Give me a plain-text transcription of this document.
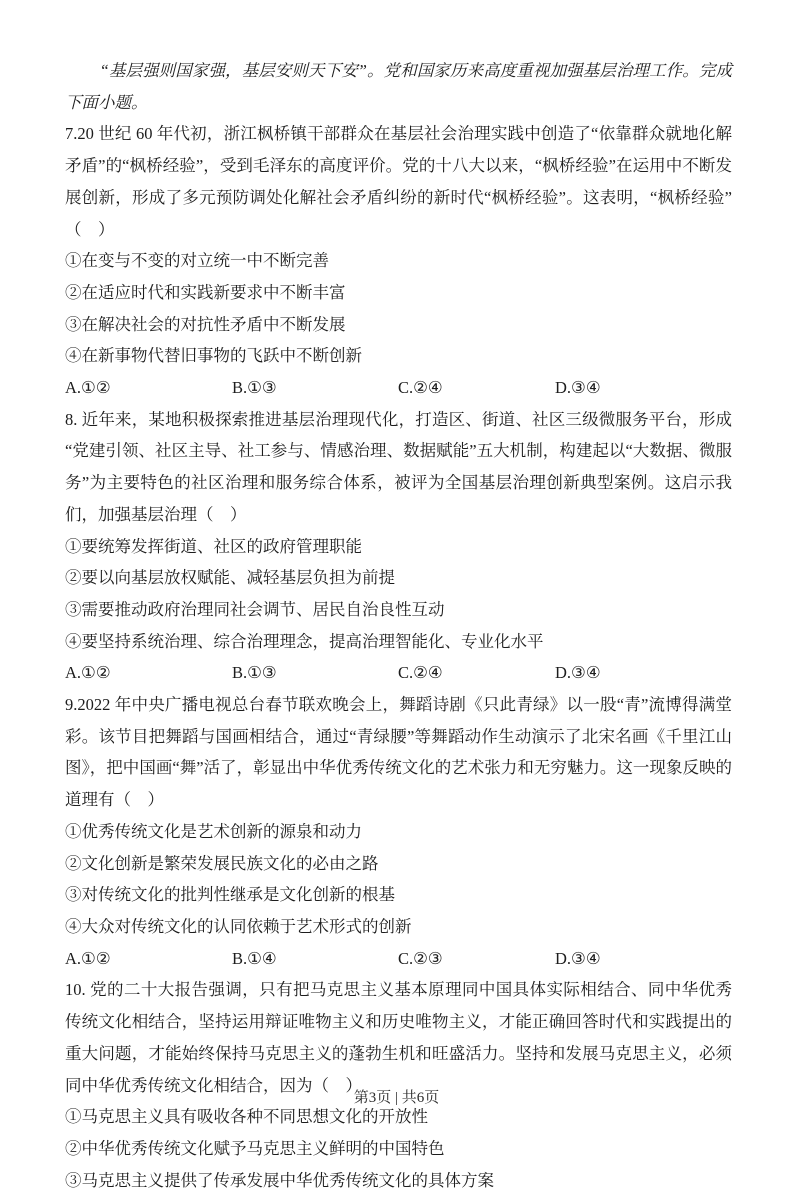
“基层强则国家强，基层安则天下安”。党和国家历来高度重视加强基层治理工作。完成下面小题。

7.20 世纪 60 年代初，浙江枫桥镇干部群众在基层社会治理实践中创造了“依靠群众就地化解矛盾”的“枫桥经验”，受到毛泽东的高度评价。党的十八大以来，“枫桥经验”在运用中不断发展创新，形成了多元预防调处化解社会矛盾纠纷的新时代“枫桥经验”。这表明，“枫桥经验”（　）

①在变与不变的对立统一中不断完善

②在适应时代和实践新要求中不断丰富

③在解决社会的对抗性矛盾中不断发展

④在新事物代替旧事物的飞跃中不断创新

A.①②	B.①③	C.②④	D.③④

8. 近年来，某地积极探索推进基层治理现代化，打造区、街道、社区三级微服务平台，形成“党建引领、社区主导、社工参与、情感治理、数据赋能”五大机制，构建起以“大数据、微服务”为主要特色的社区治理和服务综合体系，被评为全国基层治理创新典型案例。这启示我们，加强基层治理（　）

①要统筹发挥街道、社区的政府管理职能

②要以向基层放权赋能、减轻基层负担为前提

③需要推动政府治理同社会调节、居民自治良性互动

④要坚持系统治理、综合治理理念，提高治理智能化、专业化水平

A.①②	B.①③	C.②④	D.③④

9.2022 年中央广播电视总台春节联欢晚会上，舞蹈诗剧《只此青绿》以一股“青”流博得满堂彩。该节目把舞蹈与国画相结合，通过“青绿腰”等舞蹈动作生动演示了北宋名画《千里江山图》，把中国画“舞”活了，彰显出中华优秀传统文化的艺术张力和无穷魅力。这一现象反映的道理有（　）

①优秀传统文化是艺术创新的源泉和动力

②文化创新是繁荣发展民族文化的必由之路

③对传统文化的批判性继承是文化创新的根基

④大众对传统文化的认同依赖于艺术形式的创新

A.①②	B.①④	C.②③	D.③④

10. 党的二十大报告强调，只有把马克思主义基本原理同中国具体实际相结合、同中华优秀传统文化相结合，坚持运用辩证唯物主义和历史唯物主义，才能正确回答时代和实践提出的重大问题，才能始终保持马克思主义的蓬勃生机和旺盛活力。坚持和发展马克思主义，必须同中华优秀传统文化相结合，因为（　）

①马克思主义具有吸收各种不同思想文化的开放性

②中华优秀传统文化赋予马克思主义鲜明的中国特色

③马克思主义提供了传承发展中华优秀传统文化的具体方案

第3页 | 共6页
